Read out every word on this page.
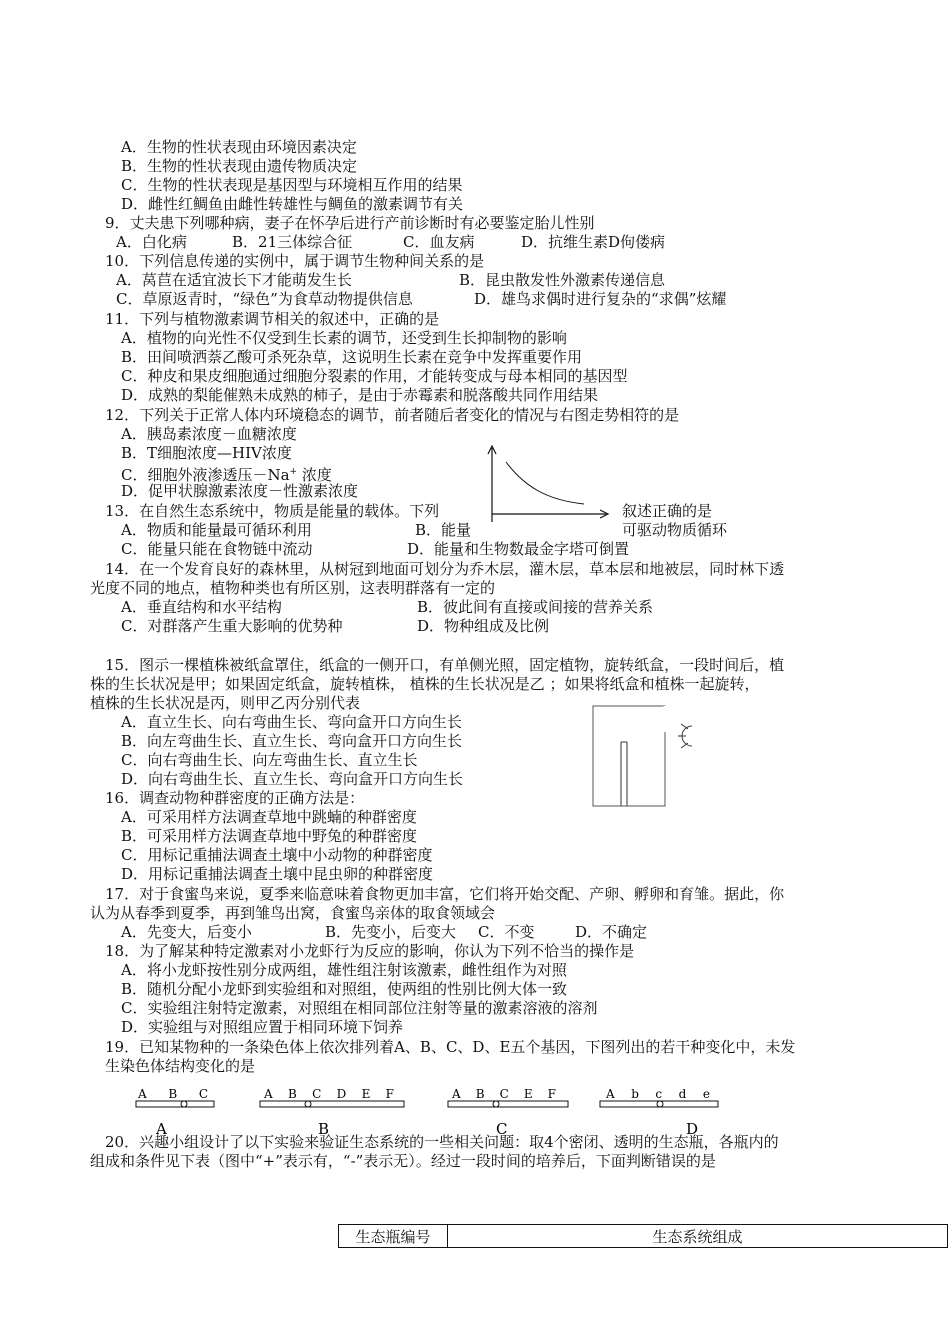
A．生物的性状表现由环境因素决定
B．生物的性状表现由遗传物质决定
C．生物的性状表现是基因型与环境相互作用的结果
D．雌性红鲷鱼由雌性转雄性与鲷鱼的激素调节有关
9．丈夫患下列哪种病，妻子在怀孕后进行产前诊断时有必要鉴定胎儿性别
A．白化病	B．21三体综合征	C．血友病	D．抗维生素D佝偻病
10．下列信息传递的实例中，属于调节生物种间关系的是
A．莴苣在适宜波长下才能萌发生长	B．昆虫散发性外激素传递信息
C．草原返青时，“绿色”为食草动物提供信息	D．雄鸟求偶时进行复杂的“求偶”炫耀
11．下列与植物激素调节相关的叙述中，正确的是
A．植物的向光性不仅受到生长素的调节，还受到生长抑制物的影响
B．田间喷洒萘乙酸可杀死杂草，这说明生长素在竞争中发挥重要作用
C．种皮和果皮细胞通过细胞分裂素的作用，才能转变成与母本相同的基因型
D．成熟的梨能催熟未成熟的柿子，是由于赤霉素和脱落酸共同作用结果
12．下列关于正常人体内环境稳态的调节，前者随后者变化的情况与右图走势相符的是
A．胰岛素浓度－血糖浓度
B．T细胞浓度—HIV浓度
C．细胞外液渗透压－Na+ 浓度
D．促甲状腺激素浓度－性激素浓度
13．在自然生态系统中，物质是能量的载体。下列	叙述正确的是
A．物质和能量最可循环利用	B．能量	可驱动物质循环
C．能量只能在食物链中流动	D．能量和生物数最金字塔可倒置
14．在一个发育良好的森林里，从树冠到地面可划分为乔木层，灌木层，草本层和地被层，同时林下透
光度不同的地点，植物种类也有所区别，这表明群落有一定的
A．垂直结构和水平结构	B．彼此间有直接或间接的营养关系
C．对群落产生重大影响的优势种	D．物种组成及比例
15．图示一棵植株被纸盒罩住，纸盒的一侧开口，有单侧光照，固定植物，旋转纸盒，一段时间后，植
株的生长状况是甲；如果固定纸盒，旋转植株， 植株的生长状况是乙 ；如果将纸盒和植株一起旋转，
植株的生长状况是丙，则甲乙丙分别代表
A．直立生长、向右弯曲生长、弯向盒开口方向生长
B．向左弯曲生长、直立生长、弯向盒开口方向生长
C．向右弯曲生长、向左弯曲生长、直立生长
D．向右弯曲生长、直立生长、弯向盒开口方向生长
16．调查动物种群密度的正确方法是：
A．可采用样方法调查草地中跳蝻的种群密度
B．可采用样方法调查草地中野兔的种群密度
C．用标记重捕法调查土壤中小动物的种群密度
D．用标记重捕法调查土壤中昆虫卵的种群密度
17．对于食蜜鸟来说，夏季来临意味着食物更加丰富，它们将开始交配、产卵、孵卵和育雏。据此，你
认为从春季到夏季，再到雏鸟出窝，食蜜鸟亲体的取食领域会
A．先变大，后变小	B．先变小，后变大 C．不变	D．不确定
18．为了解某种特定激素对小龙虾行为反应的影响，你认为下列不恰当的操作是
A．将小龙虾按性别分成两组，雄性组注射该激素，雌性组作为对照
B．随机分配小龙虾到实验组和对照组，使两组的性别比例大体一致
C．实验组注射特定激素，对照组在相同部位注射等量的激素溶液的溶剂
D．实验组与对照组应置于相同环境下饲养
19．已知某物种的一条染色体上依次排列着A、B、C、D、E五个基因，下图列出的若干种变化中，未发
生染色体结构变化的是
A B C
A
A B C D E F
B
A B C E F
C
A b c d e
D
20．兴趣小组设计了以下实验来验证生态系统的一些相关问题：取4个密闭、透明的生态瓶，各瓶内的
组成和条件见下表（图中“+”表示有，“-”表示无）。经过一段时间的培养后，下面判断错误的是
生态瓶编号	生态系统组成
